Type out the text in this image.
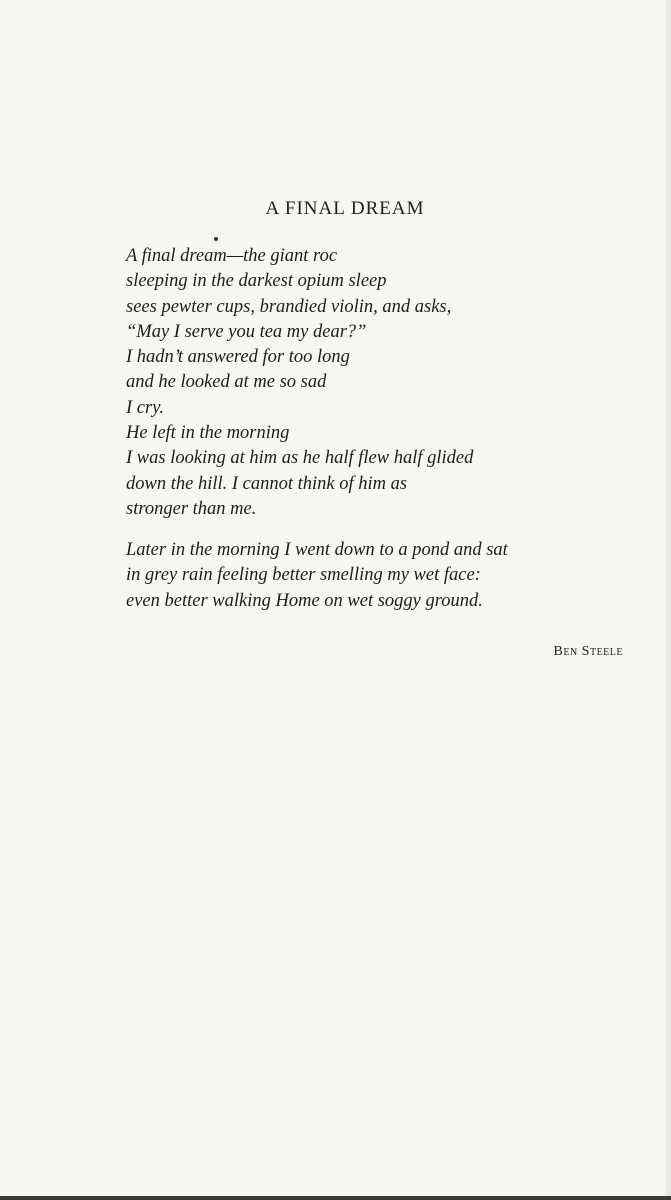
A FINAL DREAM
A final dream—the giant roc
sleeping in the darkest opium sleep
sees pewter cups, brandied violin, and asks,
“May I serve you tea my dear?”
I hadn’t answered for too long
and he looked at me so sad
I cry.
He left in the morning
I was looking at him as he half flew half glided
down the hill. I cannot think of him as
stronger than me.
Later in the morning I went down to a pond and sat
in grey rain feeling better smelling my wet face:
even better walking Home on wet soggy ground.
Ben Steele
